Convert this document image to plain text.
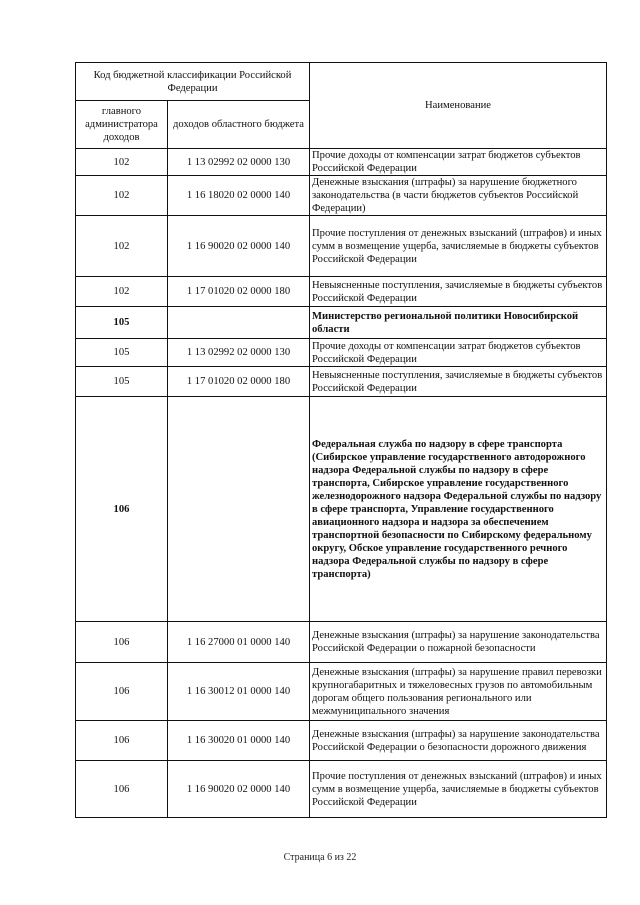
Код бюджетной классификации Российской Федерации		Наименование
главного администратора доходов	доходов областного бюджета	
102	1 13 02992 02 0000 130	Прочие доходы от компенсации затрат бюджетов субъектов Российской Федерации
102	1 16 18020 02 0000 140	Денежные взыскания (штрафы) за нарушение бюджетного законодательства (в части бюджетов субъектов Российской Федерации)
102	1 16 90020 02 0000 140	Прочие поступления от денежных взысканий (штрафов) и иных сумм в возмещение ущерба, зачисляемые в бюджеты субъектов Российской Федерации
102	1 17 01020 02 0000 180	Невыясненные поступления, зачисляемые в бюджеты субъектов Российской Федерации
105		Министерство региональной политики Новосибирской области
105	1 13 02992 02 0000 130	Прочие доходы от компенсации затрат бюджетов субъектов Российской Федерации
105	1 17 01020 02 0000 180	Невыясненные поступления, зачисляемые в бюджеты субъектов Российской Федерации
106		Федеральная служба по надзору в сфере транспорта (Сибирское управление государственного автодорожного надзора Федеральной службы по надзору в сфере транспорта, Сибирское управление государственного железнодорожного надзора Федеральной службы по надзору в сфере транспорта, Управление государственного авиационного надзора и надзора за обеспечением транспортной безопасности по Сибирскому федеральному округу, Обское управление государственного речного надзора Федеральной службы по надзору в сфере транспорта)
106	1 16 27000 01 0000 140	Денежные взыскания (штрафы) за нарушение законодательства Российской Федерации о пожарной безопасности
106	1 16 30012 01 0000 140	Денежные взыскания (штрафы) за нарушение правил перевозки крупногабаритных и тяжеловесных грузов по автомобильным дорогам общего пользования регионального или межмуниципального значения
106	1 16 30020 01 0000 140	Денежные взыскания (штрафы) за нарушение законодательства Российской Федерации о безопасности дорожного движения
106	1 16 90020 02 0000 140	Прочие поступления от денежных взысканий (штрафов) и иных сумм в возмещение ущерба, зачисляемые в бюджеты субъектов Российской Федерации
Страница 6 из 22
